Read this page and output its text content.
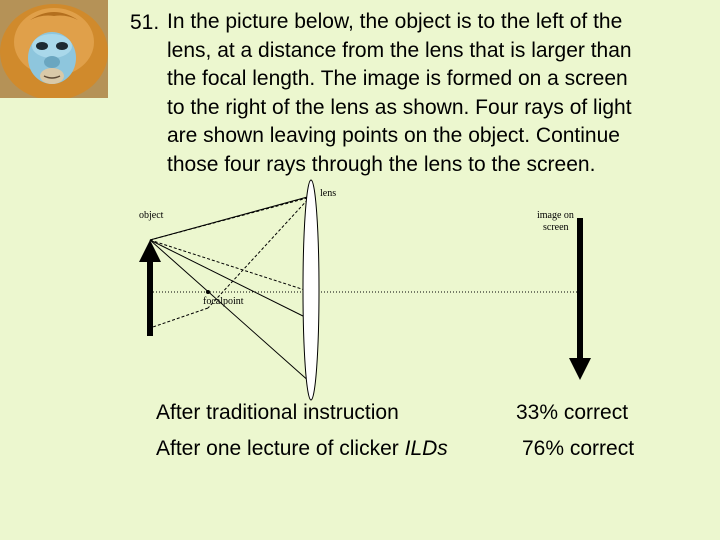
51. In the picture below, the object is to the left of the
lens, at a distance from the lens that is larger than
the focal length. The image is formed on a screen
to the right of the lens as shown. Four rays of light
are shown leaving points on the object. Continue
those four rays through the lens to the screen.
lens
object	image on
screen
focalpoint
After traditional instruction	33% correct
After one lecture of clicker ILDs	76% correct
